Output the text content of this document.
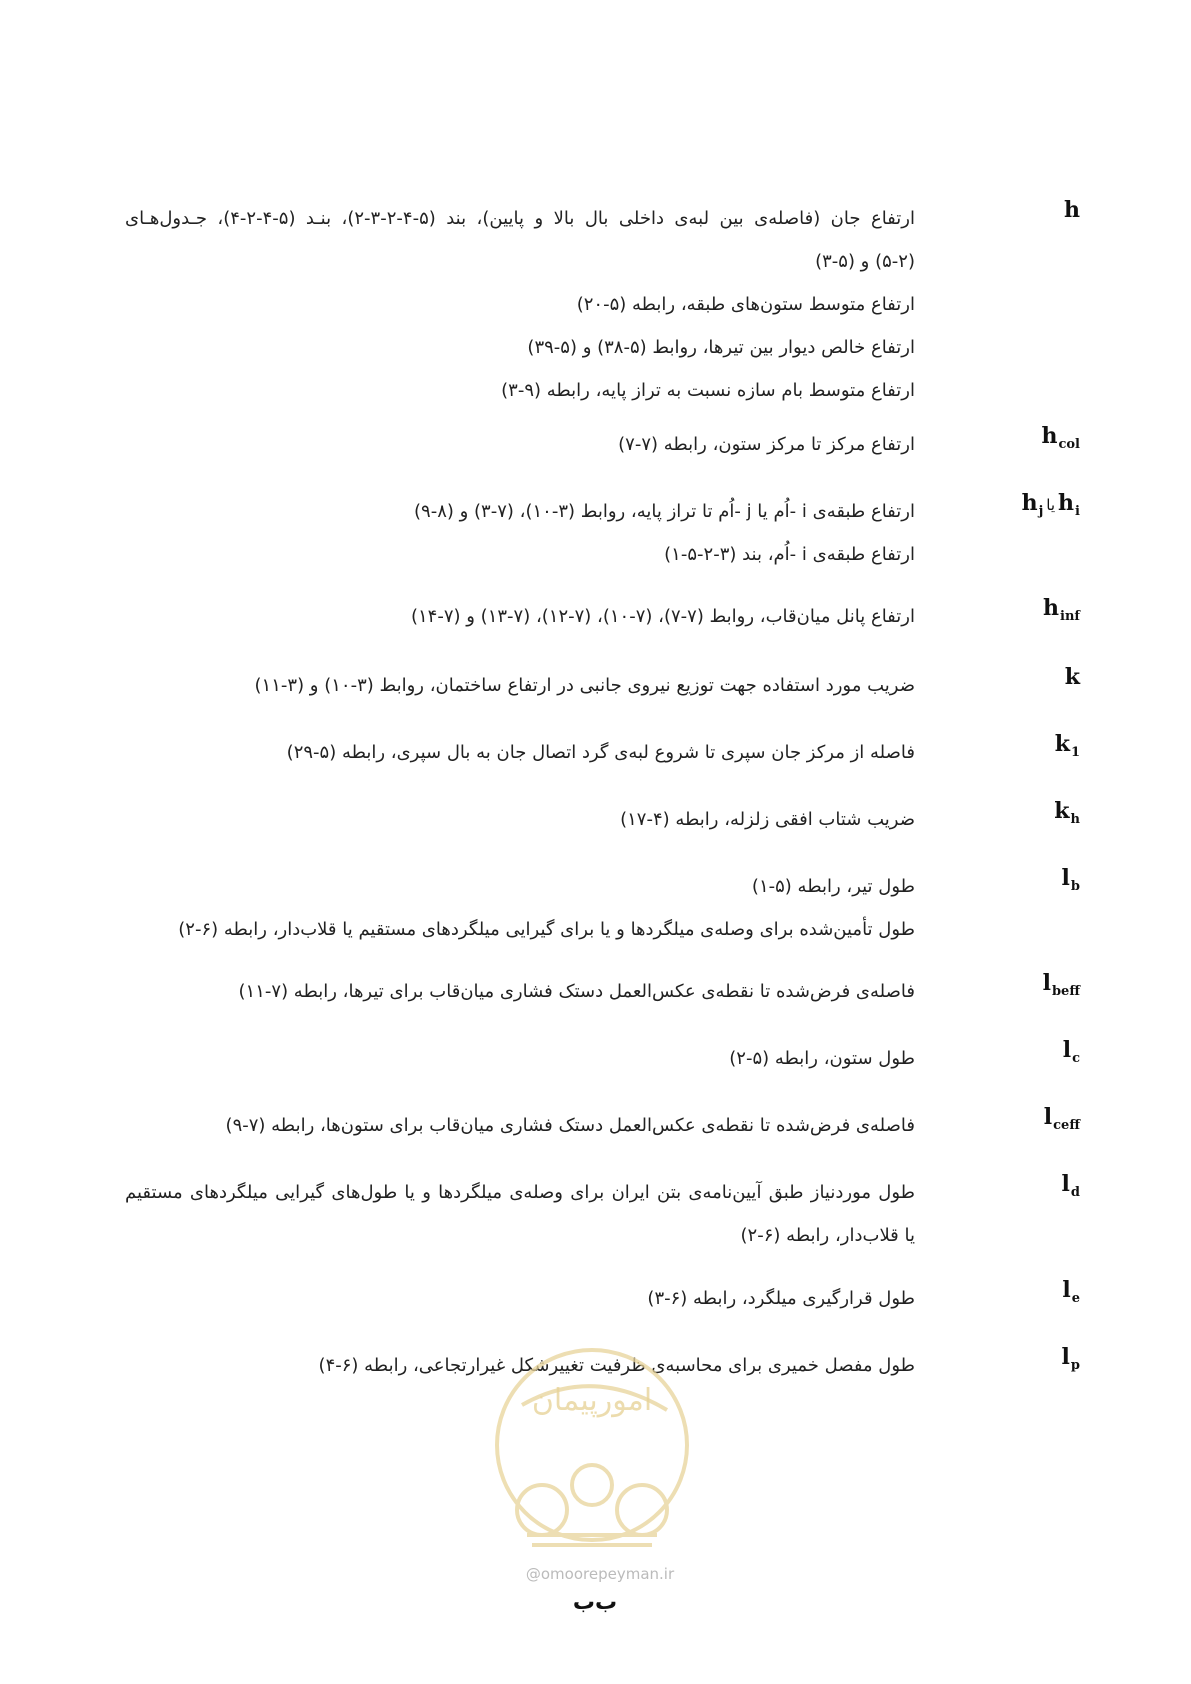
h
ارتفاع جان (فاصله‌ی بین لبه‌ی داخلی بال بالا و پایین)، بند (۵-۴-۲-۳-۲)، بنـد (۵-۴-۲-۴)، جـدول‌هـای
(۵-۲) و (۵-۳)
ارتفاع متوسط ستون‌های طبقه، رابطه (۵-۲۰)
ارتفاع خالص دیوار بین تیرها، روابط (۵-۳۸) و (۵-۳۹)
ارتفاع متوسط بام سازه نسبت به تراز پایه، رابطه (۹-۳)
$h_{col}$
ارتفاع مرکز تا مرکز ستون، رابطه (۷-۷)
$h_j$ یا $h_i$
ارتفاع طبقه‌ی i -اُم یا j -اُم تا تراز پایه، روابط (۳-۱۰)، (۷-۳) و (۸-۹)
ارتفاع طبقه‌ی i -اُم، بند (۳-۲-۵-۱)
$h_{inf}$
ارتفاع پانل میان‌قاب، روابط (۷-۷)، (۷-۱۰)، (۷-۱۲)، (۷-۱۳) و (۷-۱۴)
k
ضریب مورد استفاده جهت توزیع نیروی جانبی در ارتفاع ساختمان، روابط (۳-۱۰) و (۳-۱۱)
$k_1$
فاصله از مرکز جان سپری تا شروع لبه‌ی گرد اتصال جان به بال سپری، رابطه (۵-۲۹)
$k_h$
ضریب شتاب افقی زلزله، رابطه (۴-۱۷)
$l_b$
طول تیر، رابطه (۵-۱)
طول تأمین‌شده برای وصله‌ی میلگردها و یا برای گیرایی میلگردهای مستقیم یا قلاب‌دار، رابطه (۶-۲)
$l_{beff}$
فاصله‌ی فرض‌شده تا نقطه‌ی عکس‌العمل دستک فشاری میان‌قاب برای تیرها، رابطه (۷-۱۱)
$l_c$
طول ستون، رابطه (۵-۲)
$l_{ceff}$
فاصله‌ی فرض‌شده تا نقطه‌ی عکس‌العمل دستک فشاری میان‌قاب برای ستون‌ها، رابطه (۷-۹)
$l_d$
طول موردنیاز طبق آیین‌نامه‌ی بتن ایران برای وصله‌ی میلگردها و یا طول‌های گیرایی میلگردهای مستقیم
یا قلاب‌دار، رابطه (۶-۲)
$l_e$
طول قرارگیری میلگرد، رابطه (۶-۳)
$l_p$
طول مفصل خمیری برای محاسبه‌ی ظرفیت تغییرشکل غیرارتجاعی، رابطه (۶-۴)
امورپیمان
@omoorepeyman.ir
ب‌ب
